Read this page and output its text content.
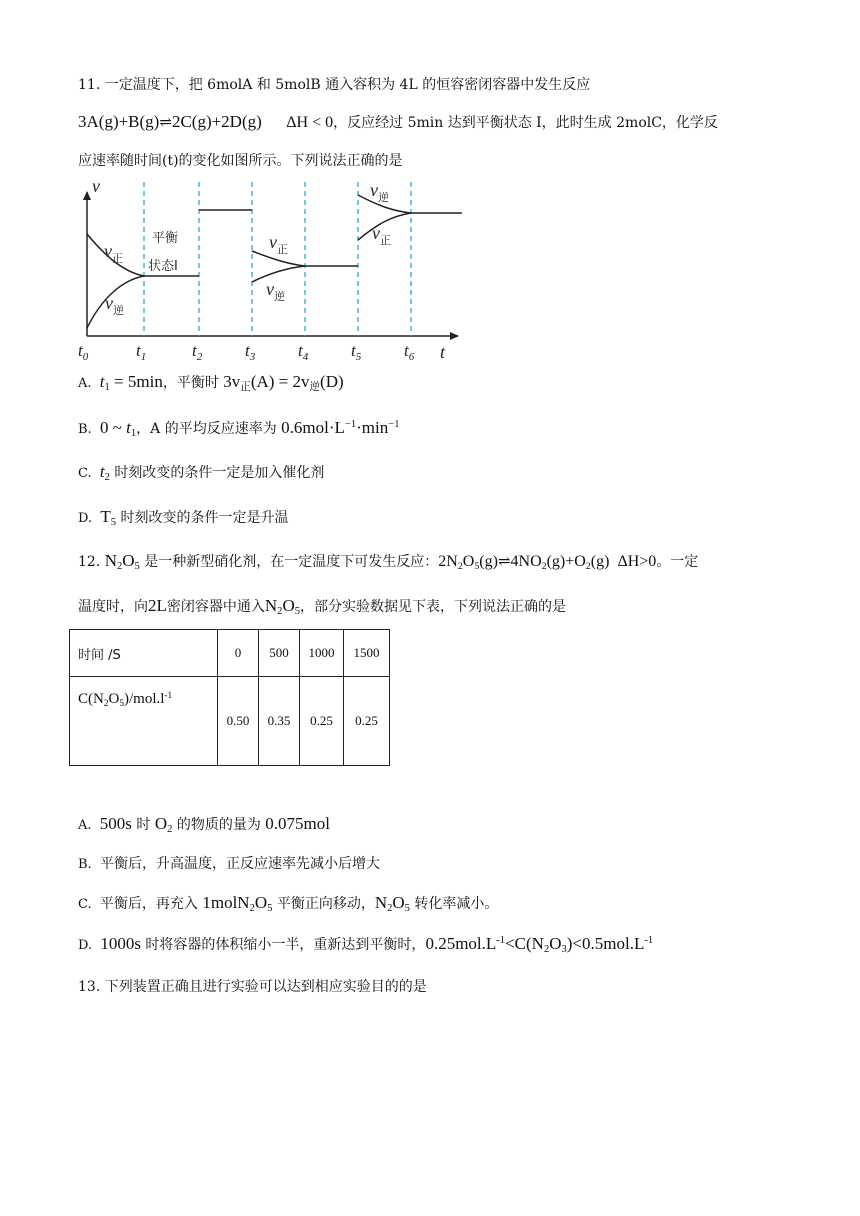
11. 一定温度下，把 6molA 和 5molB 通入容积为 4L 的恒容密闭容器中发生反应
3A(g)+B(g)⇌2C(g)+2D(g) ΔH < 0，反应经过 5min 达到平衡状态 I，此时生成 2molC，化学反
应速率随时间(t)的变化如图所示。下列说法正确的是
v
t
$t_0$	$t_1$	$t_2$	$t_3$	$t_4$	$t_5$	$t_6$
$v_正$
$v_逆$
平衡
状态I
$v_正$
$v_逆$
$v_逆$
$v_正$
A.  $t_1 = 5\min$，平衡时 $3v_正(A) = 2v_逆(D)$
B.  0 ~ $t_1$，A 的平均反应速率为 $0.6mol\cdot L^{-1}\cdot\min^{-1}$
C.  $t_2$ 时刻改变的条件一定是加入催化剂
D.  $T_5$ 时刻改变的条件一定是升温
12. $N_2O_5$ 是一种新型硝化剂，在一定温度下可发生反应：$2N_2O_5(g)\rightleftharpoons 4NO_2(g)+O_2(g)$  ΔH>0。一定
温度时，向2L密闭容器中通入$N_2O_5$，部分实验数据见下表，下列说法正确的是
时间 /S	0	500	1000	1500
$C(N_2O_5)/mol.l^{-1}$	0.50	0.35	0.25	0.25
A.  500s 时 $O_2$ 的物质的量为 0.075mol
B.  平衡后，升高温度，正反应速率先减小后增大
C.  平衡后，再充入 $1molN_2O_5$ 平衡正向移动，$N_2O_5$ 转化率减小。
D.  1000s 时将容器的体积缩小一半，重新达到平衡时，$0.25mol.L^{-1}<C(N_2O_3)<0.5mol.L^{-1}$
13. 下列装置正确且进行实验可以达到相应实验目的的是
